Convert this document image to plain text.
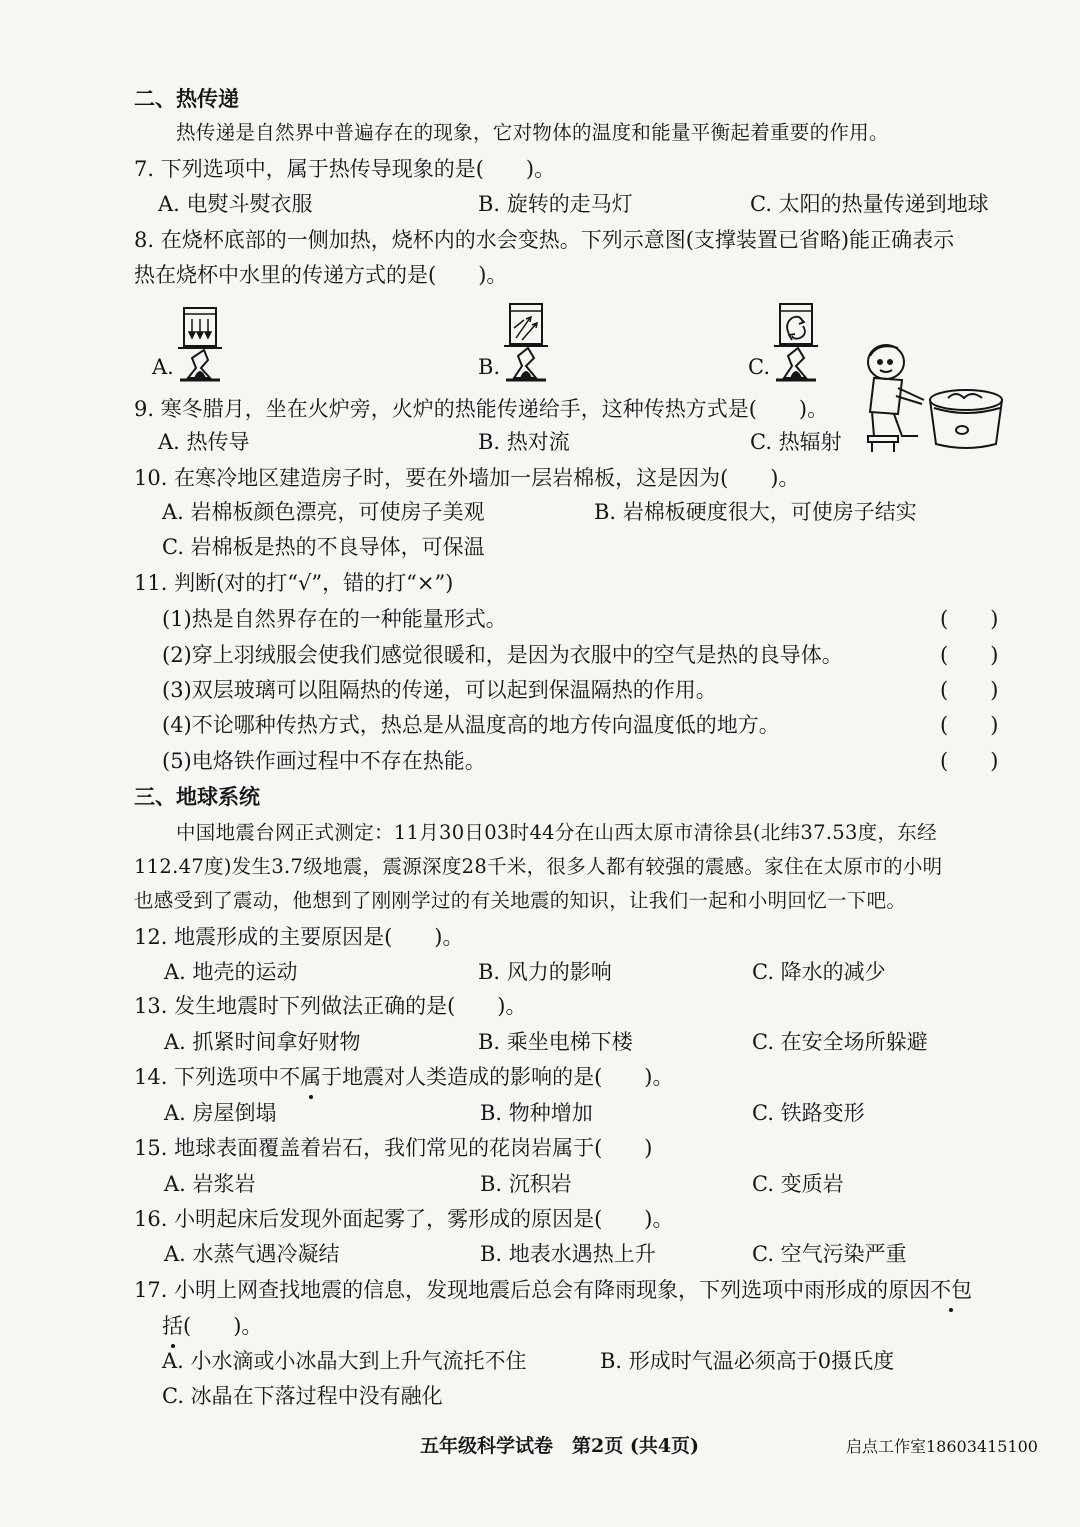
二、热传递
热传递是自然界中普遍存在的现象，它对物体的温度和能量平衡起着重要的作用。
7. 下列选项中，属于热传导现象的是(　　)。
A. 电熨斗熨衣服	B. 旋转的走马灯	C. 太阳的热量传递到地球
8. 在烧杯底部的一侧加热，烧杯内的水会变热。下列示意图(支撑装置已省略)能正确表示
热在烧杯中水里的传递方式的是(　　)。
A.	B.	C.
9. 寒冬腊月，坐在火炉旁，火炉的热能传递给手，这种传热方式是(　　)。
A. 热传导	B. 热对流	C. 热辐射
10. 在寒冷地区建造房子时，要在外墙加一层岩棉板，这是因为(　　)。
A. 岩棉板颜色漂亮，可使房子美观	B. 岩棉板硬度很大，可使房子结实
C. 岩棉板是热的不良导体，可保温
11. 判断(对的打“√”，错的打“×”)
(1)热是自然界存在的一种能量形式。	(　　)
(2)穿上羽绒服会使我们感觉很暖和，是因为衣服中的空气是热的良导体。	(　　)
(3)双层玻璃可以阻隔热的传递，可以起到保温隔热的作用。	(　　)
(4)不论哪种传热方式，热总是从温度高的地方传向温度低的地方。	(　　)
(5)电烙铁作画过程中不存在热能。	(　　)
三、地球系统
中国地震台网正式测定：11月30日03时44分在山西太原市清徐县(北纬37.53度，东经
112.47度)发生3.7级地震，震源深度28千米，很多人都有较强的震感。家住在太原市的小明
也感受到了震动，他想到了刚刚学过的有关地震的知识，让我们一起和小明回忆一下吧。
12. 地震形成的主要原因是(　　)。
A. 地壳的运动	B. 风力的影响	C. 降水的减少
13. 发生地震时下列做法正确的是(　　)。
A. 抓紧时间拿好财物	B. 乘坐电梯下楼	C. 在安全场所躲避
14. 下列选项中不属于地震对人类造成的影响的是(　　)。
A. 房屋倒塌	B. 物种增加	C. 铁路变形
15. 地球表面覆盖着岩石，我们常见的花岗岩属于(　　)
A. 岩浆岩	B. 沉积岩	C. 变质岩
16. 小明起床后发现外面起雾了，雾形成的原因是(　　)。
A. 水蒸气遇冷凝结	B. 地表水遇热上升	C. 空气污染严重
17. 小明上网查找地震的信息，发现地震后总会有降雨现象，下列选项中雨形成的原因不包
括(　　)。
A. 小水滴或小冰晶大到上升气流托不住	B. 形成时气温必须高于0摄氏度
C. 冰晶在下落过程中没有融化
五年级科学试卷　第2页 (共4页)	启点工作室18603415100
